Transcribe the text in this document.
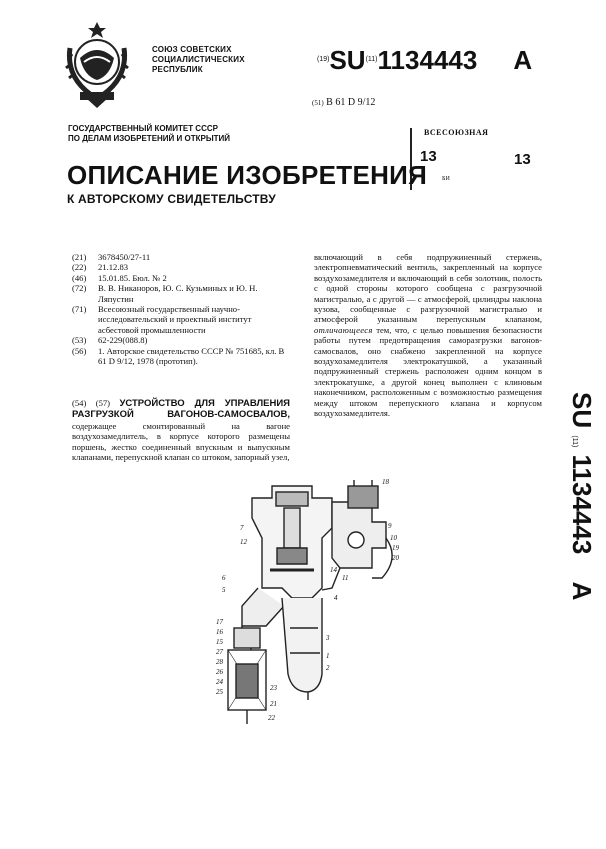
СОЮЗ СОВЕТСКИХ
СОЦИАЛИСТИЧЕСКИХ
РЕСПУБЛИК
(19)SU(11)1134443 A
(51) B 61 D 9/12
ГОСУДАРСТВЕННЫЙ КОМИТЕТ СССР
ПО ДЕЛАМ ИЗОБРЕТЕНИЙ И ОТКРЫТИЙ
ВСЕСОЮЗНАЯ
13	13
БИ
ОПИСАНИЕ ИЗОБРЕТЕНИЯ
К АВТОРСКОМУ СВИДЕТЕЛЬСТВУ
(21)	3678450/27-11
(22)	21.12.83
(46)	15.01.85. Бюл. № 2
(72)	В. В. Никаноров, Ю. С. Кузьминых и Ю. Н. Ляпустин
(71)	Всесоюзный государственный научно-исследовательский и проектный институт асбестовой промышленности
(53)	62-229(088.8)
(56)	1. Авторское свидетельство СССР № 751685, кл. В 61 D 9/12, 1978 (прототип).
(54) (57) УСТРОЙСТВО ДЛЯ УПРАВЛЕНИЯ РАЗГРУЗКОЙ ВАГОНОВ-САМОСВАЛОВ, содержащее смонтированный на вагоне воздухозамедлитель, в корпусе которого размещены поршень, жестко соединенный впускным и выпускным клапанами, перепускной клапан со штоком, запорный узел,
включающий в себя подпружиненный стержень, электропневматический вентиль, закрепленный на корпусе воздухозамедлителя и включающий в себя золотник, полость с одной стороны которого сообщена с разгрузочной магистралью, а с другой — с атмосферой, цилиндры наклона кузова, сообщенные с разгрузочной магистралью и атмосферой указанным перепускным клапаном, отличающееся тем, что, с целью повышения безопасности работы путем предотвращения саморазгрузки вагонов-самосвалов, оно снабжено закрепленной на корпусе воздухозамедлителя электрокатушкой, а указанный подпружиненный стержень расположен одним концом в электрокатушке, а другой конец выполнен с клиновым наконечником, расположенным с возможностью размещения между штоком перепускного клапана и корпусом воздухозамедлителя.	SU (11) 1134443 A
18
7
12
9
10
19
20
14
11
4
6
5
3
17
16
15
1
2
27
28
26
24
25	23
21
22
